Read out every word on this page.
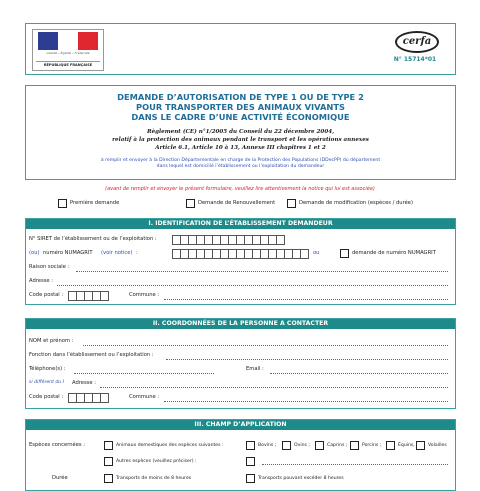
Liberté • Égalité • Fraternité
RÉPUBLIQUE FRANÇAISE
cerfa
N° 15714*01
DEMANDE D’AUTORISATION DE TYPE 1 OU DE TYPE 2
POUR TRANSPORTER DES ANIMAUX VIVANTS
DANS LE CADRE D’UNE ACTIVITÉ ÉCONOMIQUE
Règlement (CE) n°1/2005 du Conseil du 22 décembre 2004,
relatif à la protection des animaux pendant le transport et les opérations annexes
Article 6.1, Article 10 à 13, Annexe III chapitres 1 et 2
à remplir et envoyer à la Direction Départementale en charge de la Protection des Populations (DDecPP) du département
dans lequel est domicilié l’établissement ou l’exploitation du demandeur
(avant de remplir et envoyer le présent formulaire, veuillez lire attentivement la notice qui lui est associée)
Première demande	Demande de Renouvellement	Demande de modification (espèces / durée)
I. IDENTIFICATION DE L’ÉTABLISSEMENT DEMANDEUR
N° SIRET de l’établissement ou de l’exploitation :
(ou) numéro NUMAGRIT (voir notice) :	ou	demande de numéro NUMAGRIT
Raison sociale :
Adresse :
Code postal :	Commune :
II. COORDONNÉES DE LA PERSONNE A CONTACTER
NOM et prénom :
Fonction dans l’établissement ou l’exploitation :
Téléphone(s) :	Email :
si différent du I Adresse :
Code postal :	Commune :
III. CHAMP D’APPLICATION
Espèces concernées :	Animaux domestiques des espèces suivantes :	Bovins ;	Ovins ;	Caprins ;	Porcins ;	Équins,	Volailles
Autres espèces (veuillez préciser) :
Durée	Transports de moins de 8 heures	Transports pouvant excéder 8 heures
